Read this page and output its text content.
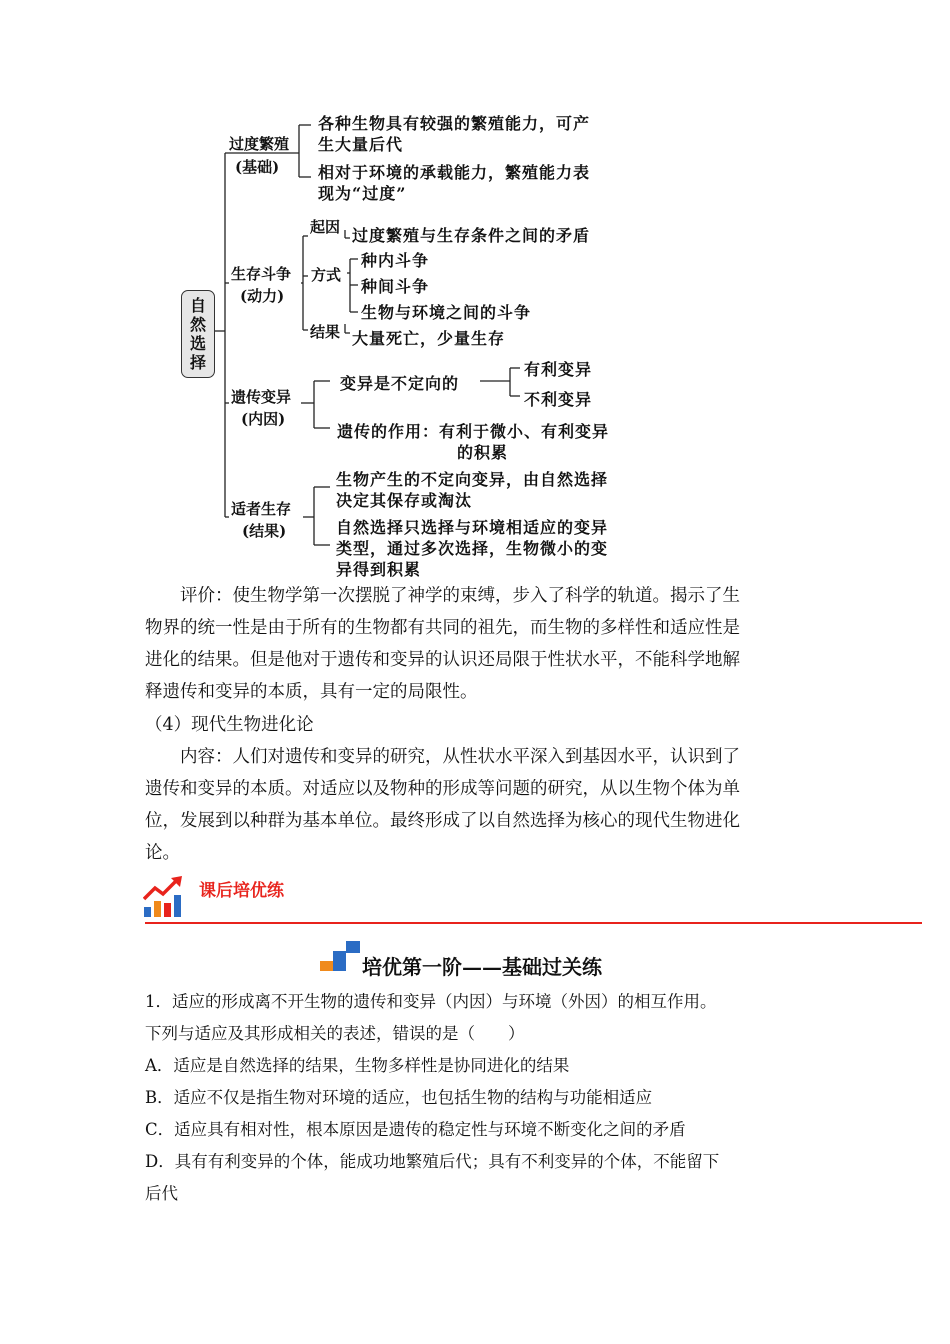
自然选择
过度繁殖
(基础)
各种生物具有较强的繁殖能力，可产
生大量后代
相对于环境的承载能力，繁殖能力表
现为“过度”
生存斗争
(动力)
起因 过度繁殖与生存条件之间的矛盾
方式
种内斗争
种间斗争
生物与环境之间的斗争
结果 大量死亡，少量生存
遗传变异
(内因)
变异是不定向的
有利变异
不利变异
遗传的作用：有利于微小、有利变异
的积累
适者生存
(结果)
生物产生的不定向变异，由自然选择
决定其保存或淘汰
自然选择只选择与环境相适应的变异
类型，通过多次选择，生物微小的变
异得到积累

评价：使生物学第一次摆脱了神学的束缚，步入了科学的轨道。揭示了生

物界的统一性是由于所有的生物都有共同的祖先，而生物的多样性和适应性是

进化的结果。但是他对于遗传和变异的认识还局限于性状水平，不能科学地解

释遗传和变异的本质，具有一定的局限性。

（4）现代生物进化论

内容：人们对遗传和变异的研究，从性状水平深入到基因水平，认识到了

遗传和变异的本质。对适应以及物种的形成等问题的研究，从以生物个体为单

位，发展到以种群为基本单位。最终形成了以自然选择为核心的现代生物进化

论。

课后培优练
培优第一阶——基础过关练

1．适应的形成离不开生物的遗传和变异（内因）与环境（外因）的相互作用。

下列与适应及其形成相关的表述，错误的是（　　）

A．适应是自然选择的结果，生物多样性是协同进化的结果

B．适应不仅是指生物对环境的适应，也包括生物的结构与功能相适应

C．适应具有相对性，根本原因是遗传的稳定性与环境不断变化之间的矛盾

D．具有有利变异的个体，能成功地繁殖后代；具有不利变异的个体，不能留下

后代
